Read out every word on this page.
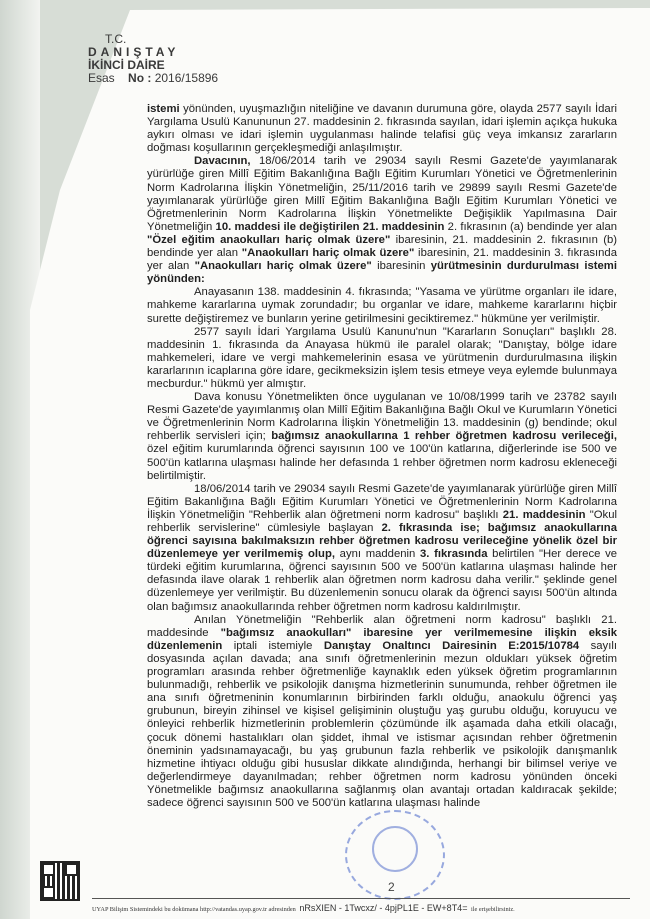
T.C.
DANIŞTAY
İKİNCİ DAİRE
Esas No : 2016/15896

istemi yönünden, uyuşmazlığın niteliğine ve davanın durumuna göre, olayda 2577 sayılı İdari Yargılama Usulü Kanununun 27. maddesinin 2. fıkrasında sayılan, idari işlemin açıkça hukuka aykırı olması ve idari işlemin uygulanması halinde telafisi güç veya imkansız zararların doğması koşullarının gerçekleşmediği anlaşılmıştır.

Davacının, 18/06/2014 tarih ve 29034 sayılı Resmi Gazete'de yayımlanarak yürürlüğe giren Millî Eğitim Bakanlığına Bağlı Eğitim Kurumları Yönetici ve Öğretmenlerinin Norm Kadrolarına İlişkin Yönetmeliğin, 25/11/2016 tarih ve 29899 sayılı Resmi Gazete'de yayımlanarak yürürlüğe giren Millî Eğitim Bakanlığına Bağlı Eğitim Kurumları Yönetici ve Öğretmenlerinin Norm Kadrolarına İlişkin Yönetmelikte Değişiklik Yapılmasına Dair Yönetmeliğin 10. maddesi ile değiştirilen 21. maddesinin 2. fıkrasının (a) bendinde yer alan "Özel eğitim anaokulları hariç olmak üzere" ibaresinin, 21. maddesinin 2. fıkrasının (b) bendinde yer alan "Anaokulları hariç olmak üzere" ibaresinin, 21. maddesinin 3. fıkrasında yer alan "Anaokulları hariç olmak üzere" ibaresinin yürütmesinin durdurulması istemi yönünden:

Anayasanın 138. maddesinin 4. fıkrasında; "Yasama ve yürütme organları ile idare, mahkeme kararlarına uymak zorundadır; bu organlar ve idare, mahkeme kararlarını hiçbir surette değiştiremez ve bunların yerine getirilmesini geciktiremez." hükmüne yer verilmiştir.

2577 sayılı İdari Yargılama Usulü Kanunu'nun "Kararların Sonuçları" başlıklı 28. maddesinin 1. fıkrasında da Anayasa hükmü ile paralel olarak; "Danıştay, bölge idare mahkemeleri, idare ve vergi mahkemelerinin esasa ve yürütmenin durdurulmasına ilişkin kararlarının icaplarına göre idare, gecikmeksizin işlem tesis etmeye veya eylemde bulunmaya mecburdur." hükmü yer almıştır.

Dava konusu Yönetmelikten önce uygulanan ve 10/08/1999 tarih ve 23782 sayılı Resmi Gazete'de yayımlanmış olan Millî Eğitim Bakanlığına Bağlı Okul ve Kurumların Yönetici ve Öğretmenlerinin Norm Kadrolarına İlişkin Yönetmeliğin 13. maddesinin (g) bendinde; okul rehberlik servisleri için; bağımsız anaokullarına 1 rehber öğretmen kadrosu verileceği, özel eğitim kurumlarında öğrenci sayısının 100 ve 100'ün katlarına, diğerlerinde ise 500 ve 500'ün katlarına ulaşması halinde her defasında 1 rehber öğretmen norm kadrosu ekleneceği belirtilmiştir.

18/06/2014 tarih ve 29034 sayılı Resmi Gazete'de yayımlanarak yürürlüğe giren Millî Eğitim Bakanlığına Bağlı Eğitim Kurumları Yönetici ve Öğretmenlerinin Norm Kadrolarına İlişkin Yönetmeliğin "Rehberlik alan öğretmeni norm kadrosu" başlıklı 21. maddesinin "Okul rehberlik servislerine" cümlesiyle başlayan 2. fıkrasında ise; bağımsız anaokullarına öğrenci sayısına bakılmaksızın rehber öğretmen kadrosu verileceğine yönelik özel bir düzenlemeye yer verilmemiş olup, aynı maddenin 3. fıkrasında belirtilen "Her derece ve türdeki eğitim kurumlarına, öğrenci sayısının 500 ve 500'ün katlarına ulaşması halinde her defasında ilave olarak 1 rehberlik alan öğretmen norm kadrosu daha verilir." şeklinde genel düzenlemeye yer verilmiştir. Bu düzenlemenin sonucu olarak da öğrenci sayısı 500'ün altında olan bağımsız anaokullarında rehber öğretmen norm kadrosu kaldırılmıştır.

Anılan Yönetmeliğin "Rehberlik alan öğretmeni norm kadrosu" başlıklı 21. maddesinde "bağımsız anaokulları" ibaresine yer verilmemesine ilişkin eksik düzenlemenin iptali istemiyle Danıştay Onaltıncı Dairesinin E:2015/10784 sayılı dosyasında açılan davada; ana sınıfı öğretmenlerinin mezun oldukları yüksek öğretim programları arasında rehber öğretmenliğe kaynaklık eden yüksek öğretim programlarının bulunmadığı, rehberlik ve psikolojik danışma hizmetlerinin sunumunda, rehber öğretmen ile ana sınıfı öğretmeninin konumlarının birbirinden farklı olduğu, anaokulu öğrenci yaş grubunun, bireyin zihinsel ve kişisel gelişiminin oluştuğu yaş gurubu olduğu, koruyucu ve önleyici rehberlik hizmetlerinin problemlerin çözümünde ilk aşamada daha etkili olacağı, çocuk dönemi hastalıkları olan şiddet, ihmal ve istismar açısından rehber öğretmenin öneminin yadsınamayacağı, bu yaş grubunun fazla rehberlik ve psikolojik danışmanlık hizmetine ihtiyacı olduğu gibi hususlar dikkate alındığında, herhangi bir bilimsel veriye ve değerlendirmeye dayanılmadan; rehber öğretmen norm kadrosu yönünden önceki Yönetmelikle bağımsız anaokullarına sağlanmış olan avantajı ortadan kaldıracak şekilde; sadece öğrenci sayısının 500 ve 500'ün katlarına ulaşması halinde

2
UYAP Bilişim Sistemindeki bu dokümana http://vatandas.uyap.gov.tr adresinden nRsXIEN - 1Twcxz/ - 4pjPL1E - EW+8T4= ile erişebilirsiniz.
